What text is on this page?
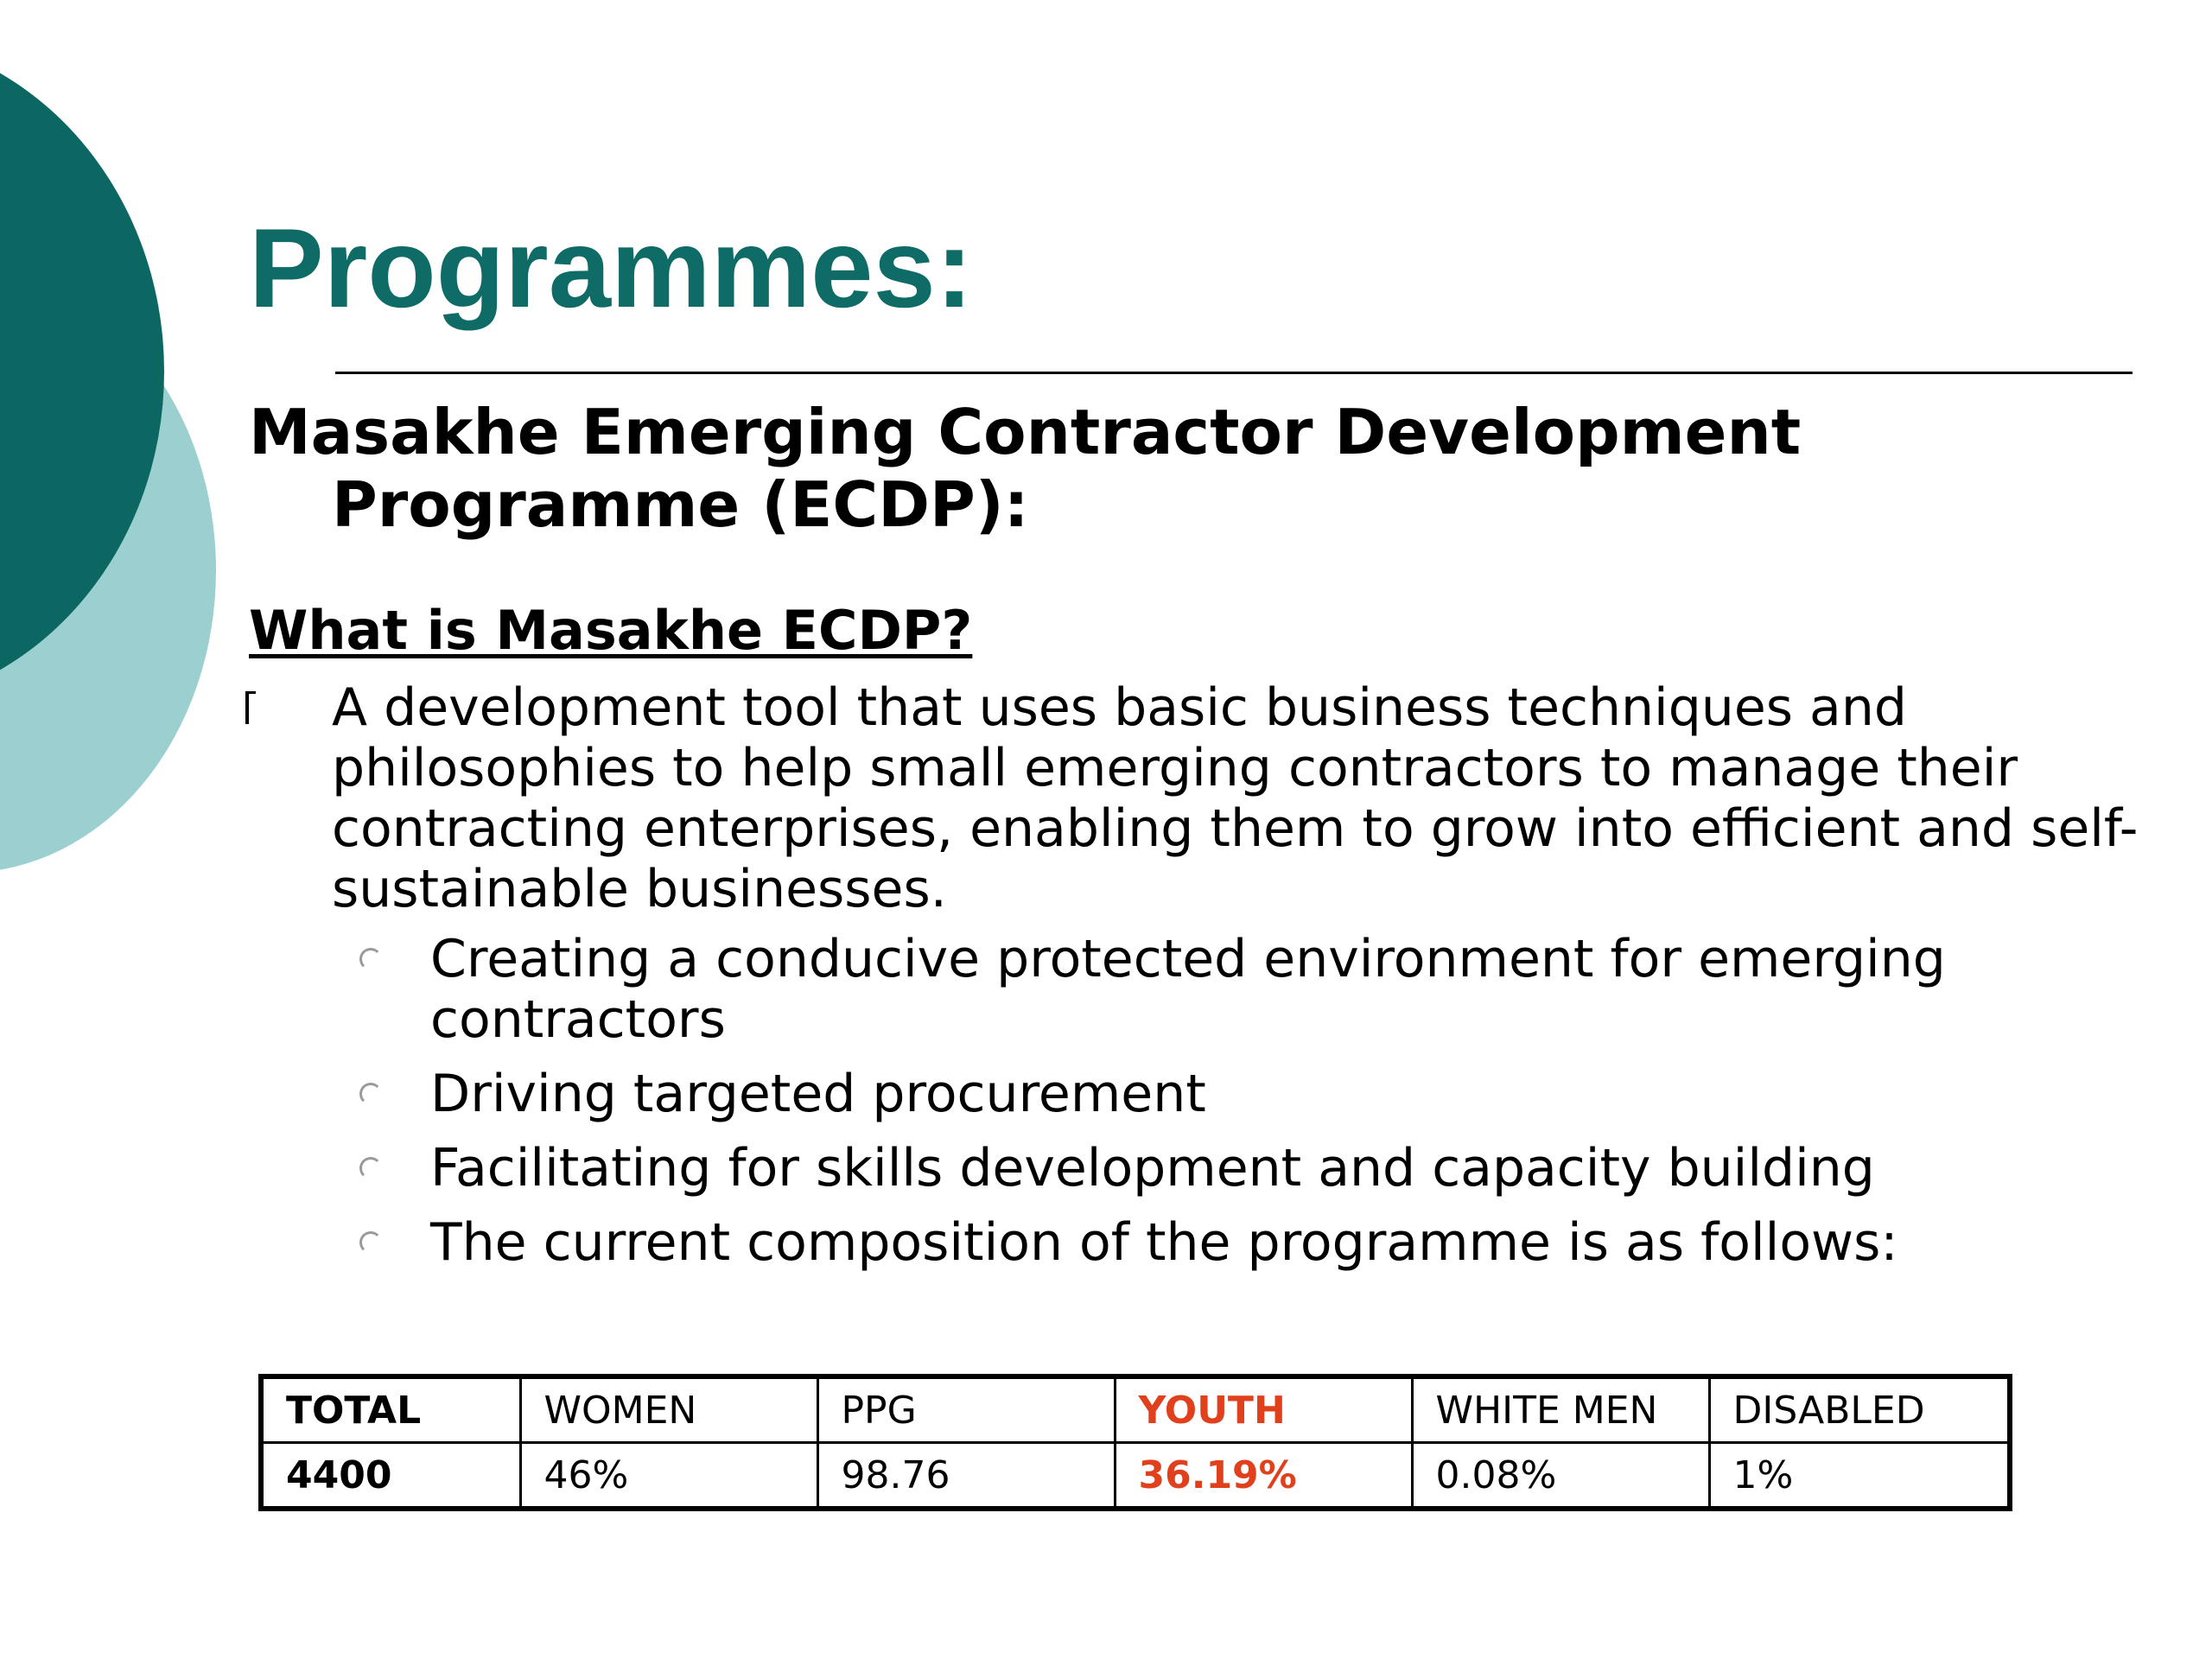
Programmes:
Masakhe Emerging Contractor Development
Programme (ECDP):
What is Masakhe ECDP?

A development tool that uses basic business techniques and philosophies to help small emerging contractors to manage their contracting enterprises, enabling them to grow into efficient and self-sustainable businesses.

Creating a conducive protected environment for emerging contractors
Driving targeted procurement
Facilitating for skills development and capacity building
The current composition of the programme is as follows:
TOTAL	WOMEN	PPG	YOUTH	WHITE MEN	DISABLED
4400	46%	98.76	36.19%	0.08%	1%
